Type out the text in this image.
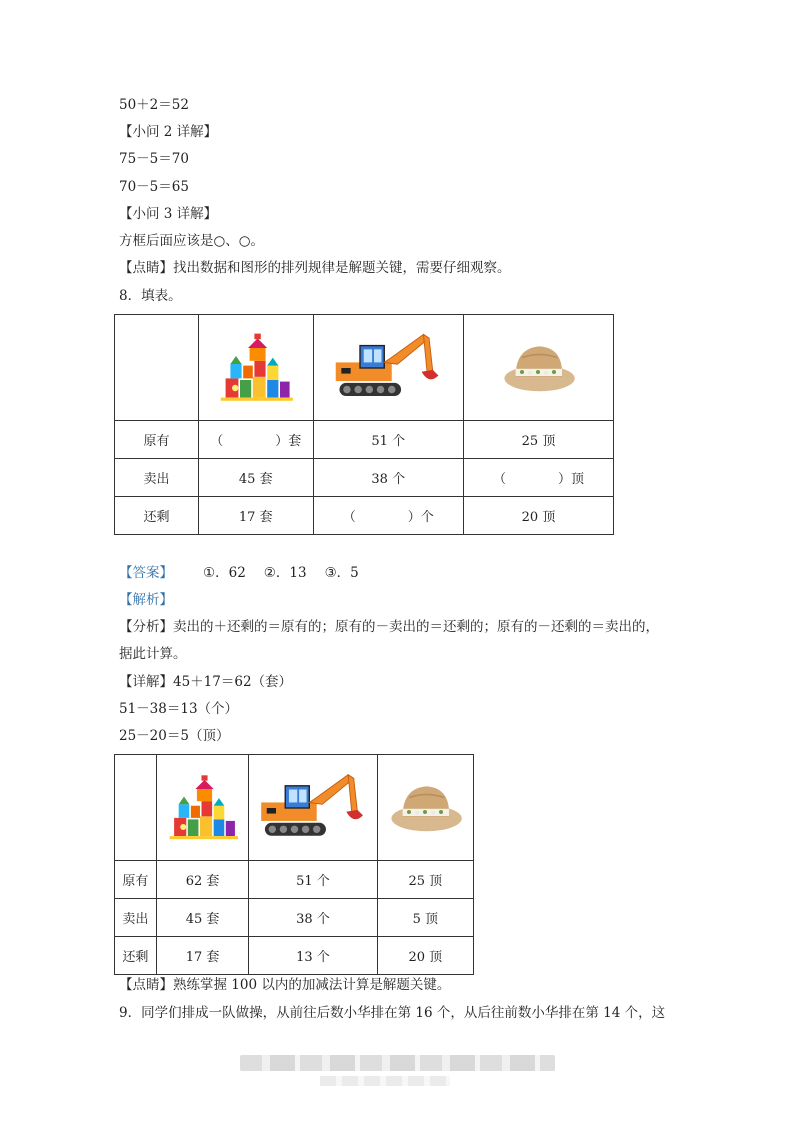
50＋2＝52
【小问 2 详解】
75－5＝70
70－5＝65
【小问 3 详解】
方框后面应该是○、○。
【点睛】找出数据和图形的排列规律是解题关键，需要仔细观察。
8．填表。

原有	（　　　　）套	51 个	25 顶
卖出	45 套	38 个	（　　　　）顶
还剩	17 套	（　　　　）个	20 顶
【答案】 ①．62 ②．13 ③．5
【解析】
【分析】卖出的＋还剩的＝原有的；原有的－卖出的＝还剩的；原有的－还剩的＝卖出的，
据此计算。
【详解】45＋17＝62（套）
51－38＝13（个）
25－20＝5（顶）

原有	62 套	51 个	25 顶
卖出	45 套	38 个	5 顶
还剩	17 套	13 个	20 顶
【点睛】熟练掌握 100 以内的加减法计算是解题关键。
9．同学们排成一队做操，从前往后数小华排在第 16 个，从后往前数小华排在第 14 个，这
